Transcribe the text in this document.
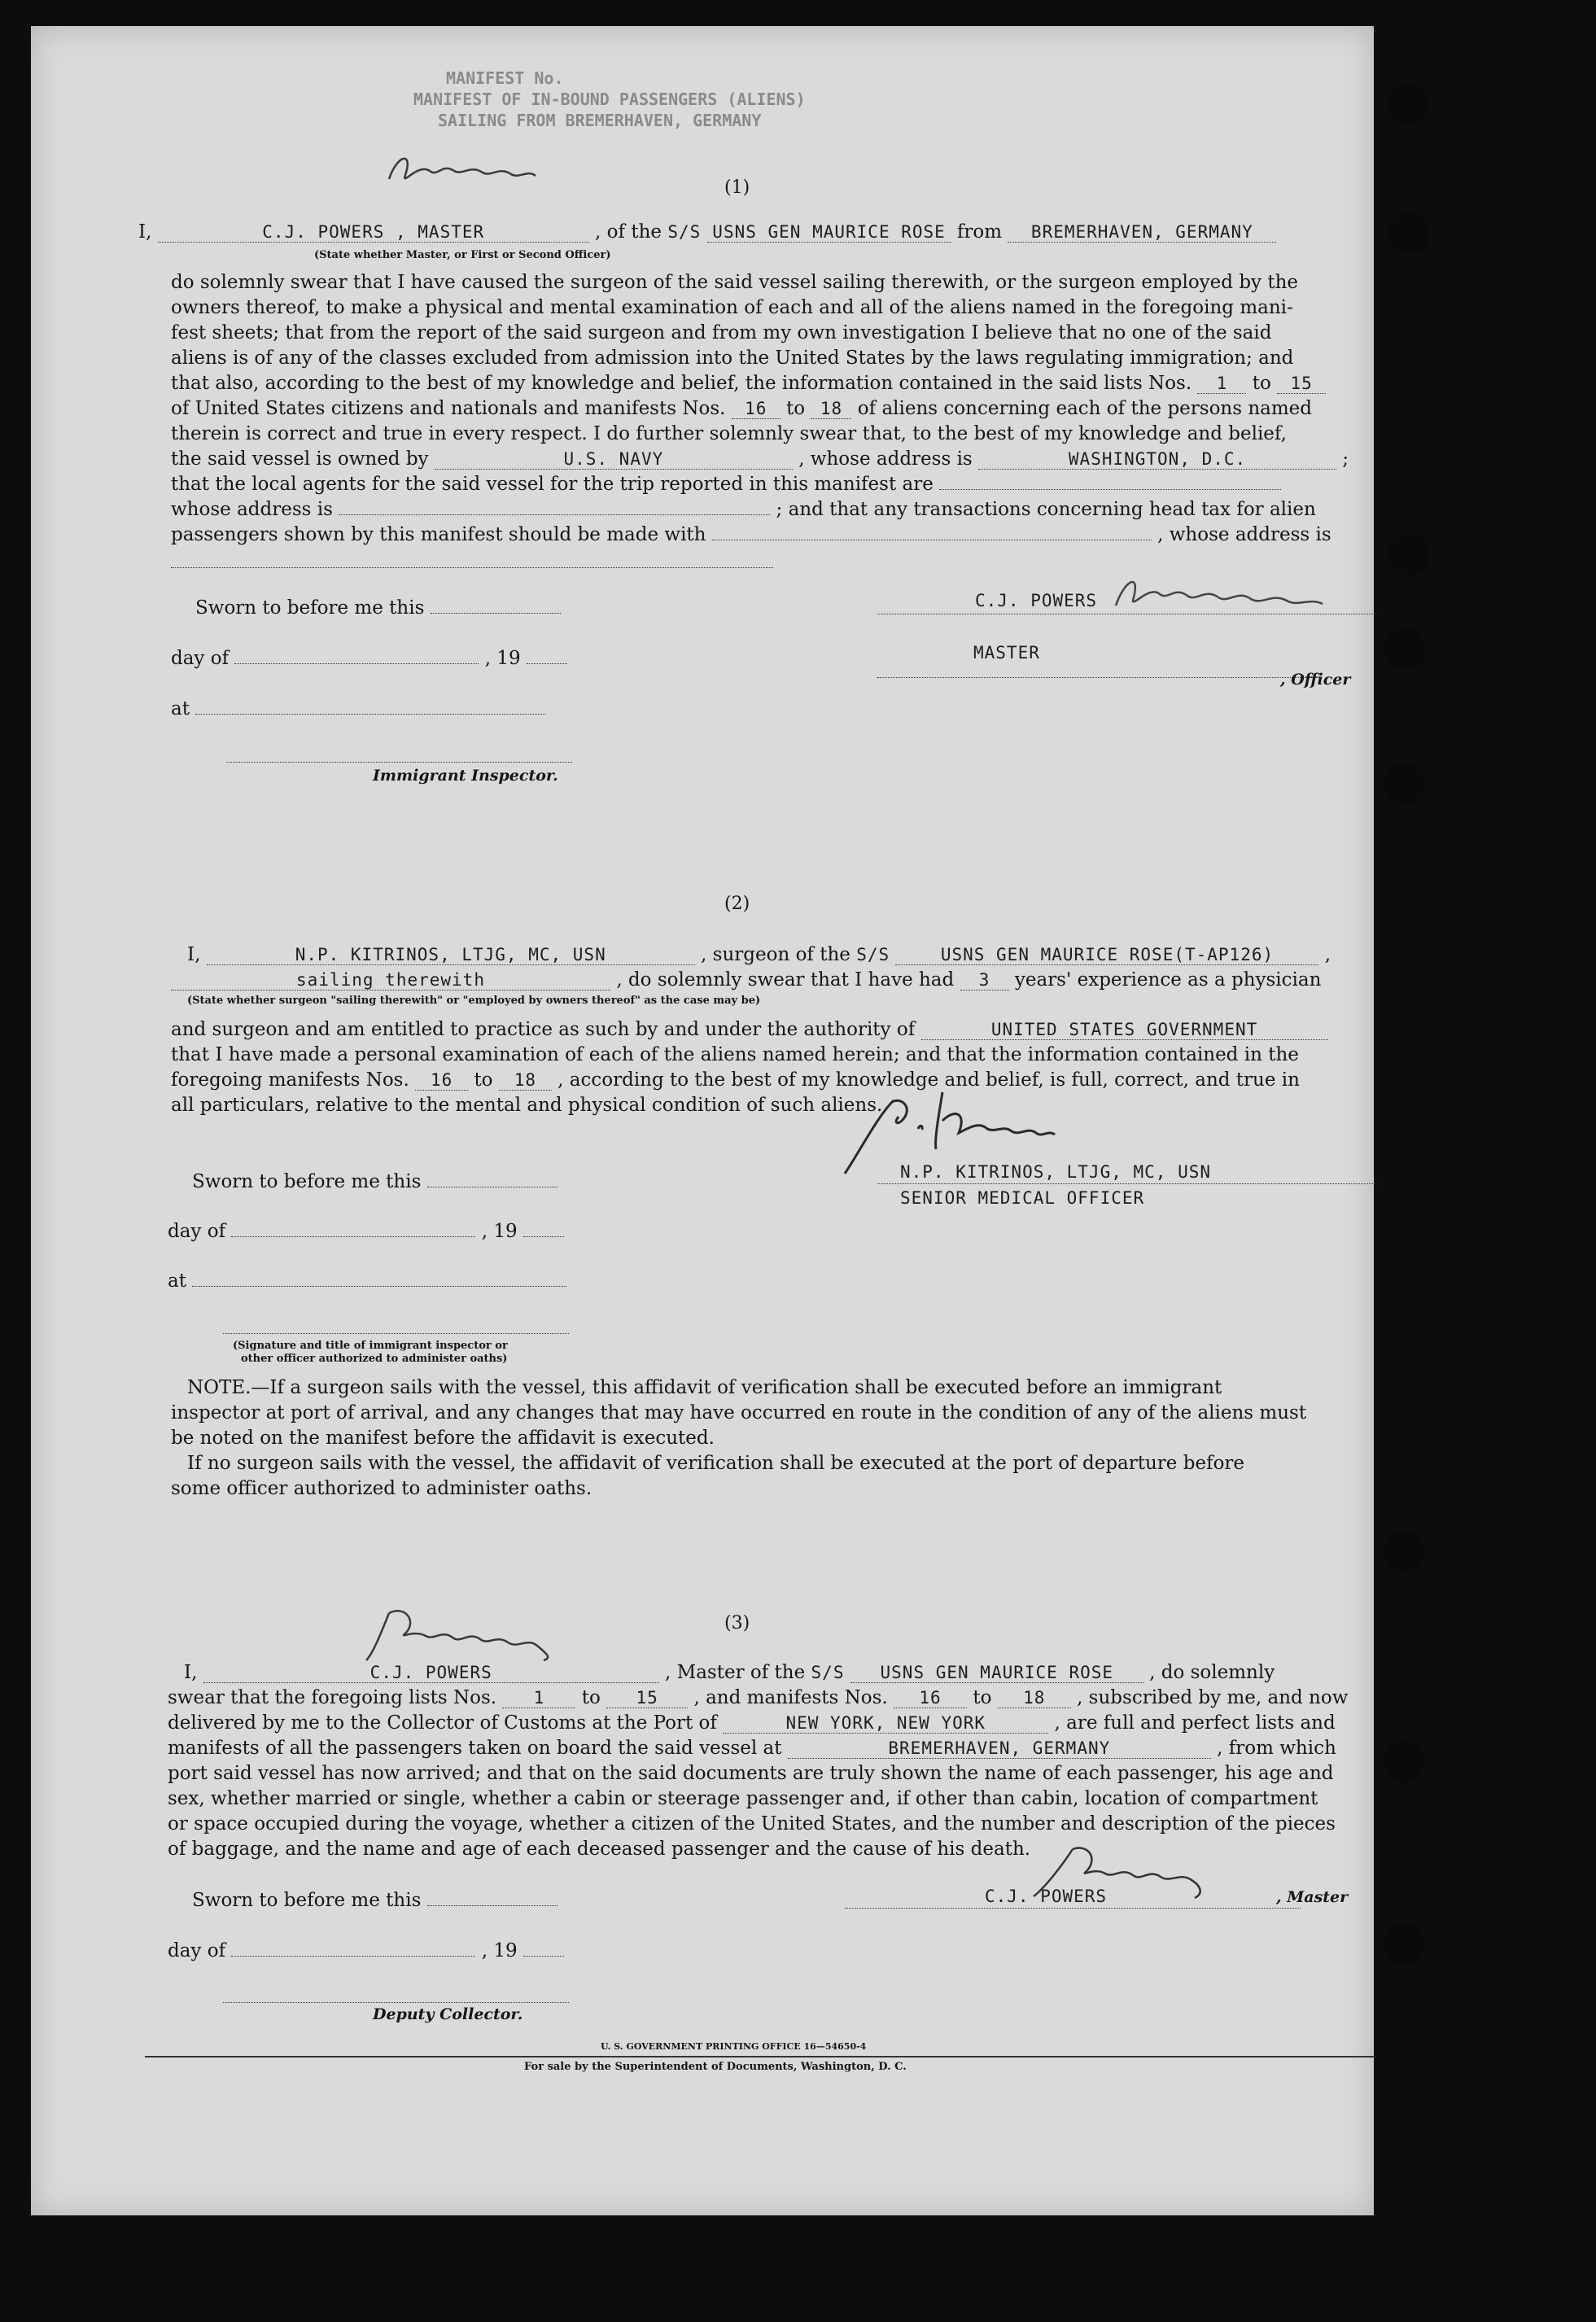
MANIFEST No.
MANIFEST OF IN-BOUND PASSENGERS (ALIENS)
SAILING FROM BREMERHAVEN, GERMANY
(1)
I,	C.J. POWERS , MASTER	, of the S/S USNS GEN MAURICE ROSE from BREMERHAVEN, GERMANY
(State whether Master, or First or Second Officer)
do solemnly swear that I have caused the surgeon of the said vessel sailing therewith, or the surgeon employed by the
owners thereof, to make a physical and mental examination of each and all of the aliens named in the foregoing mani-
fest sheets; that from the report of the said surgeon and from my own investigation I believe that no one of the said
aliens is of any of the classes excluded from admission into the United States by the laws regulating immigration; and
that also, according to the best of my knowledge and belief, the information contained in the said lists Nos. 1 to 15
of United States citizens and nationals and manifests Nos. 16 to 18 of aliens concerning each of the persons named
therein is correct and true in every respect. I do further solemnly swear that, to the best of my knowledge and belief,
the said vessel is owned by	U.S. NAVY	, whose address is	WASHINGTON, D.C.	;
that the local agents for the said vessel for the trip reported in this manifest are
whose address is	; and that any transactions concerning head tax for alien
passengers shown by this manifest should be made with	, whose address is
Sworn to before me this
day of	, 19
at
Immigrant Inspector.
C.J. POWERS
MASTER
, Officer
(2)
I,	N.P. KITRINOS, LTJG, MC, USN	, surgeon of the S/S	USNS GEN MAURICE ROSE(T-AP126)	,
sailing therewith	, do solemnly swear that I have had 3 years' experience as a physician
(State whether surgeon "sailing therewith" or "employed by owners thereof" as the case may be)
and surgeon and am entitled to practice as such by and under the authority of	UNITED STATES GOVERNMENT
that I have made a personal examination of each of the aliens named herein; and that the information contained in the
foregoing manifests Nos. 16 to 18 , according to the best of my knowledge and belief, is full, correct, and true in
all particulars, relative to the mental and physical condition of such aliens.
N.P. KITRINOS, LTJG, MC, USN
SENIOR MEDICAL OFFICER
Sworn to before me this
day of	, 19
at
(Signature and title of immigrant inspector or
other officer authorized to administer oaths)
NOTE.—If a surgeon sails with the vessel, this affidavit of verification shall be executed before an immigrant
inspector at port of arrival, and any changes that may have occurred en route in the condition of any of the aliens must
be noted on the manifest before the affidavit is executed.
If no surgeon sails with the vessel, the affidavit of verification shall be executed at the port of departure before
some officer authorized to administer oaths.
(3)
I,	C.J. POWERS	, Master of the S/S USNS GEN MAURICE ROSE , do solemnly
swear that the foregoing lists Nos. 1 to 15 , and manifests Nos. 16 to 18 , subscribed by me, and now
delivered by me to the Collector of Customs at the Port of	NEW YORK, NEW YORK	, are full and perfect lists and
manifests of all the passengers taken on board the said vessel at	BREMERHAVEN, GERMANY	, from which
port said vessel has now arrived; and that on the said documents are truly shown the name of each passenger, his age and
sex, whether married or single, whether a cabin or steerage passenger and, if other than cabin, location of compartment
or space occupied during the voyage, whether a citizen of the United States, and the number and description of the pieces
of baggage, and the name and age of each deceased passenger and the cause of his death.
Sworn to before me this
day of	, 19
Deputy Collector.
C.J. POWERS	, Master
U. S. GOVERNMENT PRINTING OFFICE 16—54650-4
For sale by the Superintendent of Documents, Washington, D. C.
